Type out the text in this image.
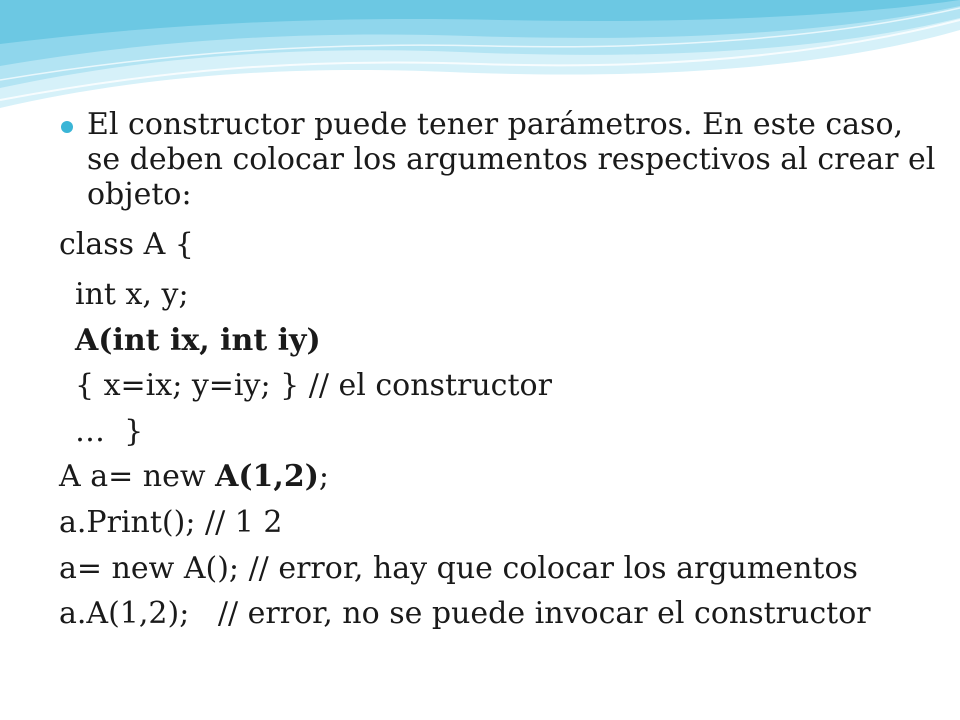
El constructor puede tener parámetros. En este caso, se deben colocar los argumentos respectivos al crear el objeto:

class A {
int x, y;
A(int ix, int iy)
{ x=ix; y=iy; } // el constructor
…  }
A a= new A(1,2);
a.Print(); // 1 2
a= new A(); // error, hay que colocar los argumentos
a.A(1,2);   // error, no se puede invocar el constructor
